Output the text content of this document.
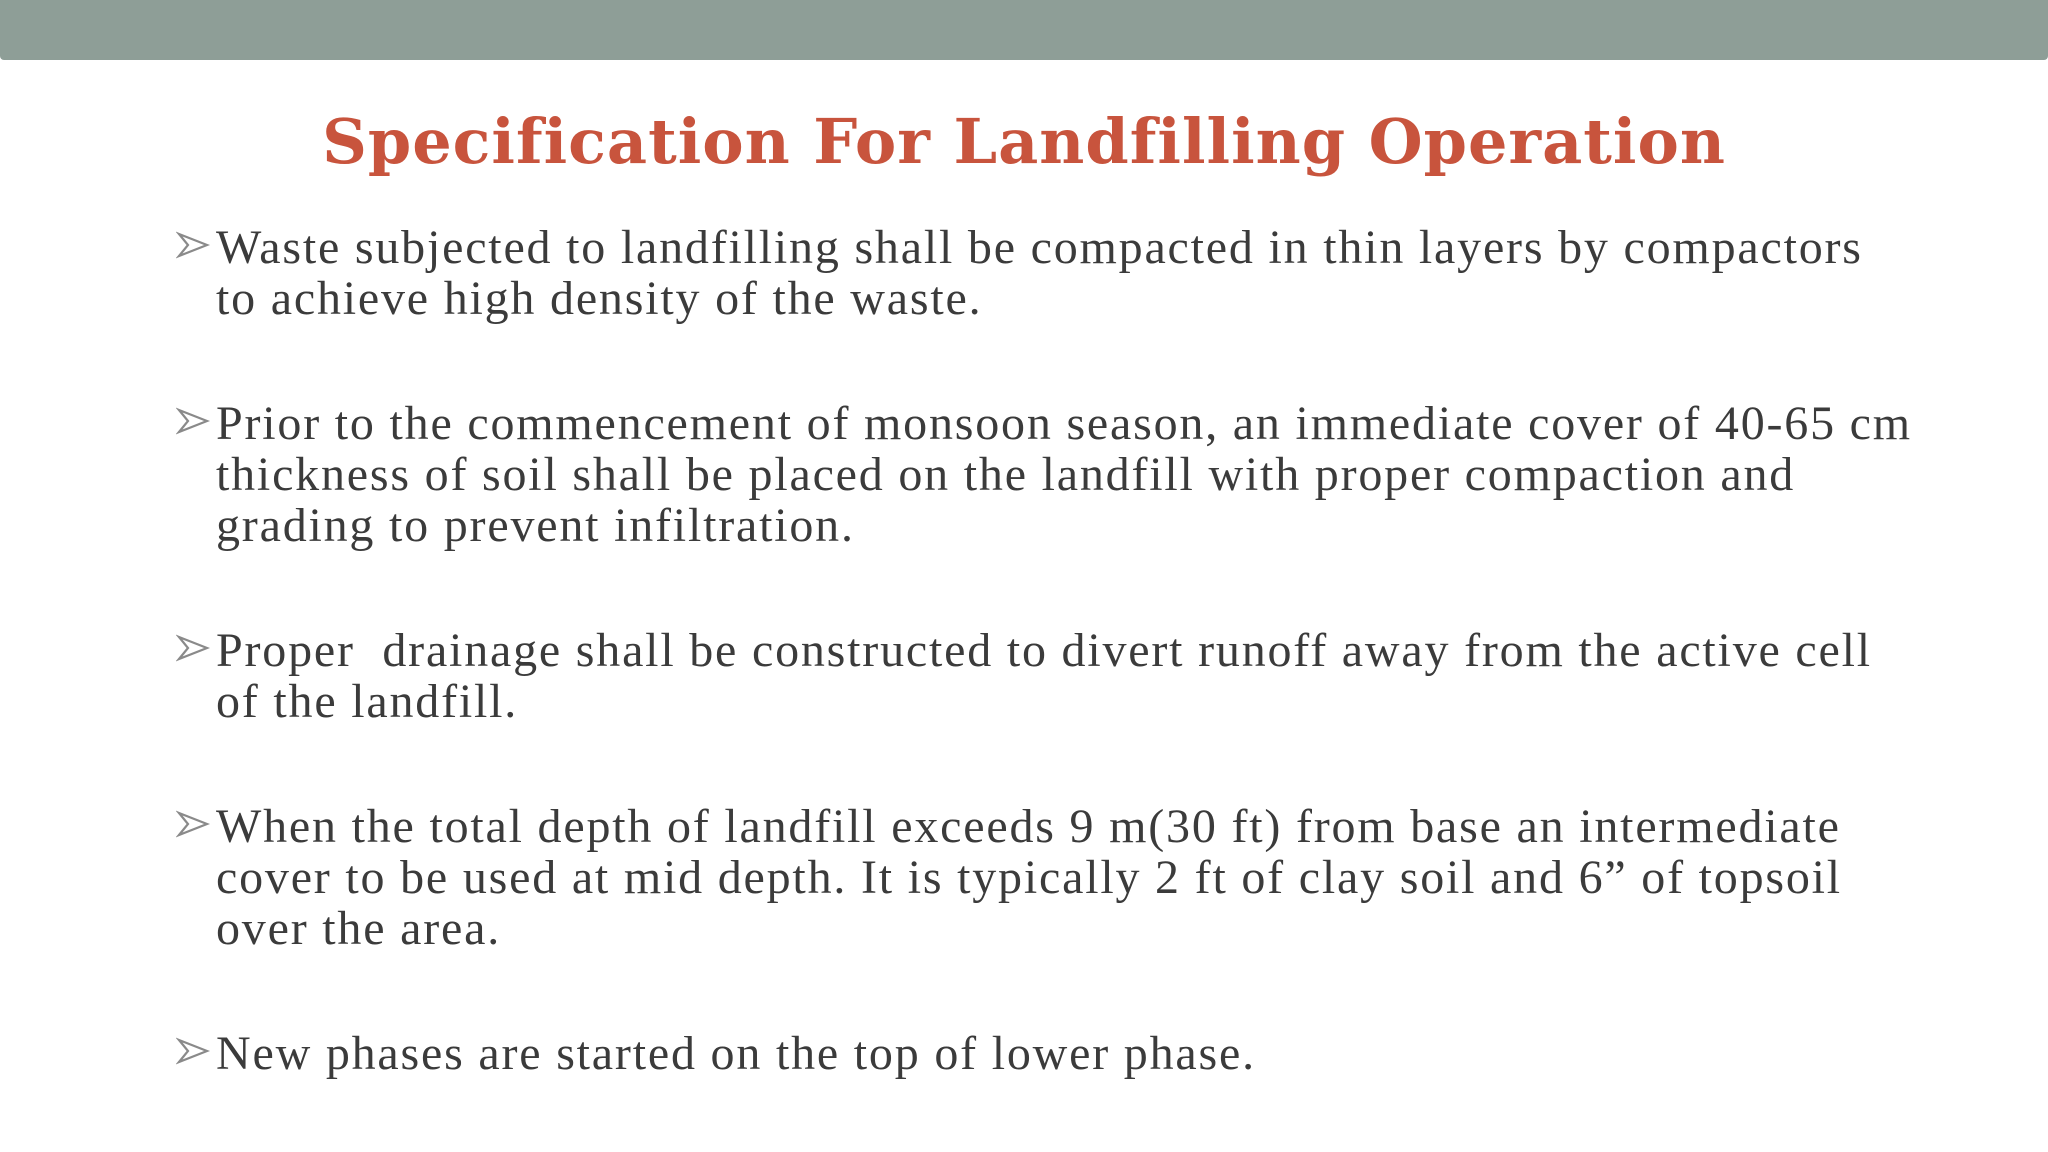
Specification For Landfilling Operation
Waste subjected to landfilling shall be compacted in thin layers by compactors to achieve high density of the waste.
Prior to the commencement of monsoon season, an immediate cover of 40-65 cm thickness of soil shall be placed on the landfill with proper compaction and grading to prevent infiltration.
Proper  drainage shall be constructed to divert runoff away from the active cell of the landfill.
When the total depth of landfill exceeds 9 m(30 ft) from base an intermediate cover to be used at mid depth. It is typically 2 ft of clay soil and 6” of topsoil over the area.
New phases are started on the top of lower phase.
